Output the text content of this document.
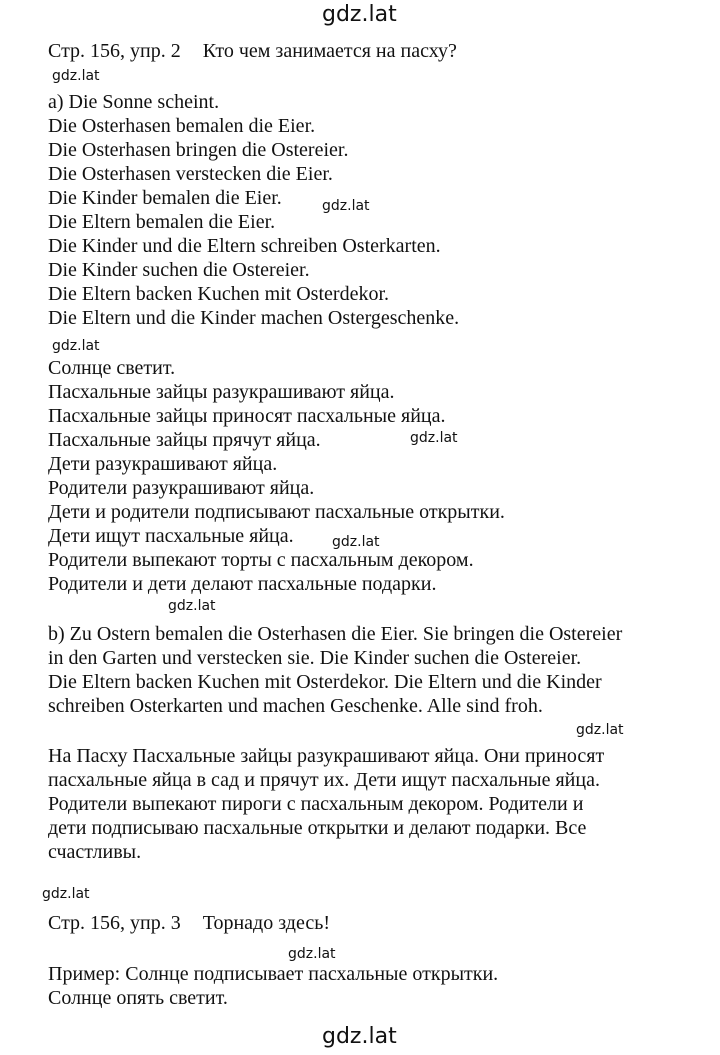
gdz.lat
gdz.lat
gdz.lat
gdz.lat
gdz.lat
gdz.lat
gdz.lat
gdz.lat
gdz.lat
gdz.lat
gdz.lat
Стр. 156, упр. 2 Кто чем занимается на пасху?
a) Die Sonne scheint.
Die Osterhasen bemalen die Eier.
Die Osterhasen bringen die Ostereier.
Die Osterhasen verstecken die Eier.
Die Kinder bemalen die Eier.
Die Eltern bemalen die Eier.
Die Kinder und die Eltern schreiben Osterkarten.
Die Kinder suchen die Ostereier.
Die Eltern backen Kuchen mit Osterdekor.
Die Eltern und die Kinder machen Ostergeschenke.
Солнце светит.
Пасхальные зайцы разукрашивают яйца.
Пасхальные зайцы приносят пасхальные яйца.
Пасхальные зайцы прячут яйца.
Дети разукрашивают яйца.
Родители разукрашивают яйца.
Дети и родители подписывают пасхальные открытки.
Дети ищут пасхальные яйца.
Родители выпекают торты с пасхальным декором.
Родители и дети делают пасхальные подарки.
b) Zu Ostern bemalen die Osterhasen die Eier. Sie bringen die Ostereier
in den Garten und verstecken sie. Die Kinder suchen die Ostereier.
Die Eltern backen Kuchen mit Osterdekor. Die Eltern und die Kinder
schreiben Osterkarten und machen Geschenke. Alle sind froh.
На Пасху Пасхальные зайцы разукрашивают яйца. Они приносят
пасхальные яйца в сад и прячут их. Дети ищут пасхальные яйца.
Родители выпекают пироги с пасхальным декором. Родители и
дети подписываю пасхальные открытки и делают подарки. Все
счастливы.
Стр. 156, упр. 3 Торнадо здесь!
Пример: Солнце подписывает пасхальные открытки.
Солнце опять светит.
